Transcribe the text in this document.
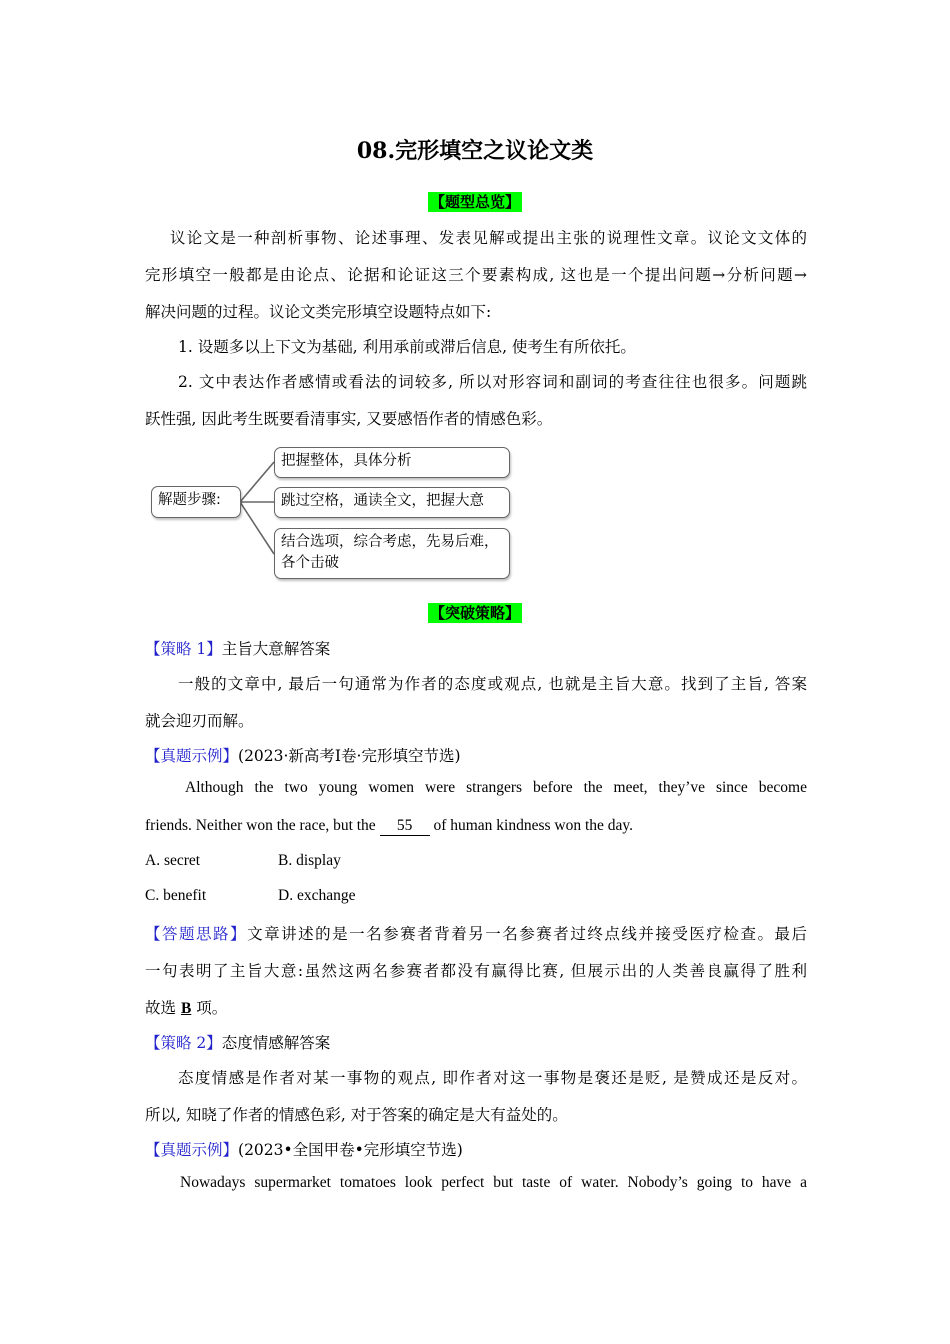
08.完形填空之议论文类
【题型总览】
议论文是一种剖析事物、论述事理、发表见解或提出主张的说理性文章。议论文文体的
完形填空一般都是由论点、论据和论证这三个要素构成, 这也是一个提出问题→分析问题→
解决问题的过程。议论文类完形填空设题特点如下:
1. 设题多以上下文为基础, 利用承前或滞后信息, 使考生有所依托。
2. 文中表达作者感情或看法的词较多, 所以对形容词和副词的考查往往也很多。问题跳
跃性强, 因此考生既要看清事实, 又要感悟作者的情感色彩。
解题步骤:
把握整体，具体分析
跳过空格，通读全文，把握大意
结合选项，综合考虑，先易后难，
各个击破
【突破策略】
【策略 1】主旨大意解答案
一般的文章中, 最后一句通常为作者的态度或观点, 也就是主旨大意。找到了主旨, 答案
就会迎刃而解。
【真题示例】(2023·新高考Ⅰ卷·完形填空节选)
Although the two young women were strangers before the meet, they’ve since become
friends. Neither won the race, but the 55 of human kindness won the day.
A. secret	B. display
C. benefit	D. exchange
【答题思路】文章讲述的是一名参赛者背着另一名参赛者过终点线并接受医疗检查。最后
一句表明了主旨大意:虽然这两名参赛者都没有赢得比赛, 但展示出的人类善良赢得了胜利
故选 B 项。
【策略 2】态度情感解答案
态度情感是作者对某一事物的观点, 即作者对这一事物是褒还是贬, 是赞成还是反对。
所以, 知晓了作者的情感色彩, 对于答案的确定是大有益处的。
【真题示例】(2023•全国甲卷•完形填空节选)
Nowadays supermarket tomatoes look perfect but taste of water. Nobody’s going to have a
